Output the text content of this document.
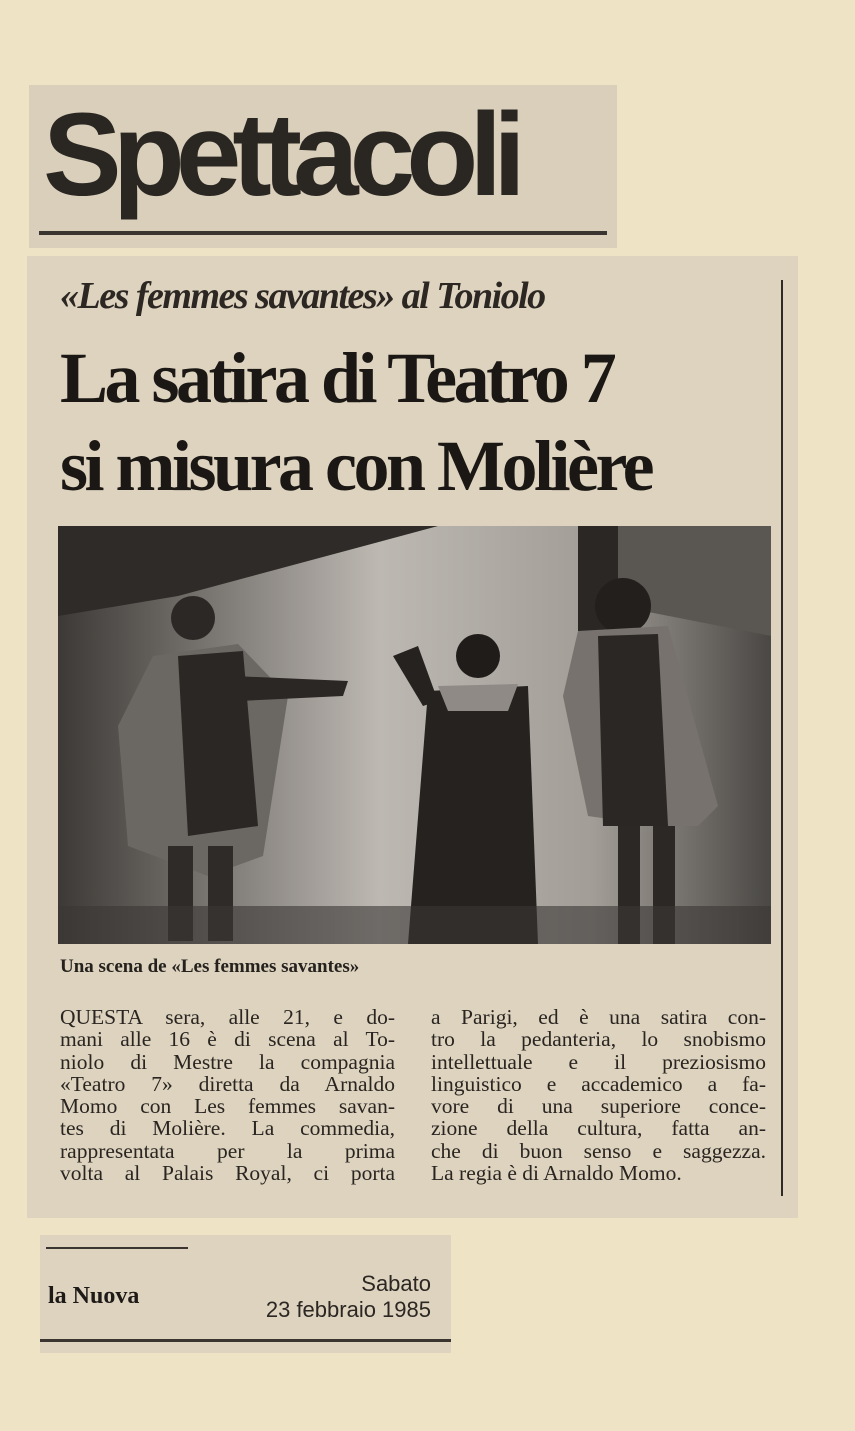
Spettacoli
«Les femmes savantes» al Toniolo
La satira di Teatro 7
si misura con Molière
Una scena de «Les femmes savantes»
QUESTA sera, alle 21, e do-
mani alle 16 è di scena al To-
niolo di Mestre la compagnia
«Teatro 7» diretta da Arnaldo
Momo con Les femmes savan-
tes di Molière. La commedia,
rappresentata per la prima
volta al Palais Royal, ci porta
a Parigi, ed è una satira con-
tro la pedanteria, lo snobismo
intellettuale e il preziosismo
linguistico e accademico a fa-
vore di una superiore conce-
zione della cultura, fatta an-
che di buon senso e saggezza.
La regia è di Arnaldo Momo.
la Nuova	Sabato
23 febbraio 1985
